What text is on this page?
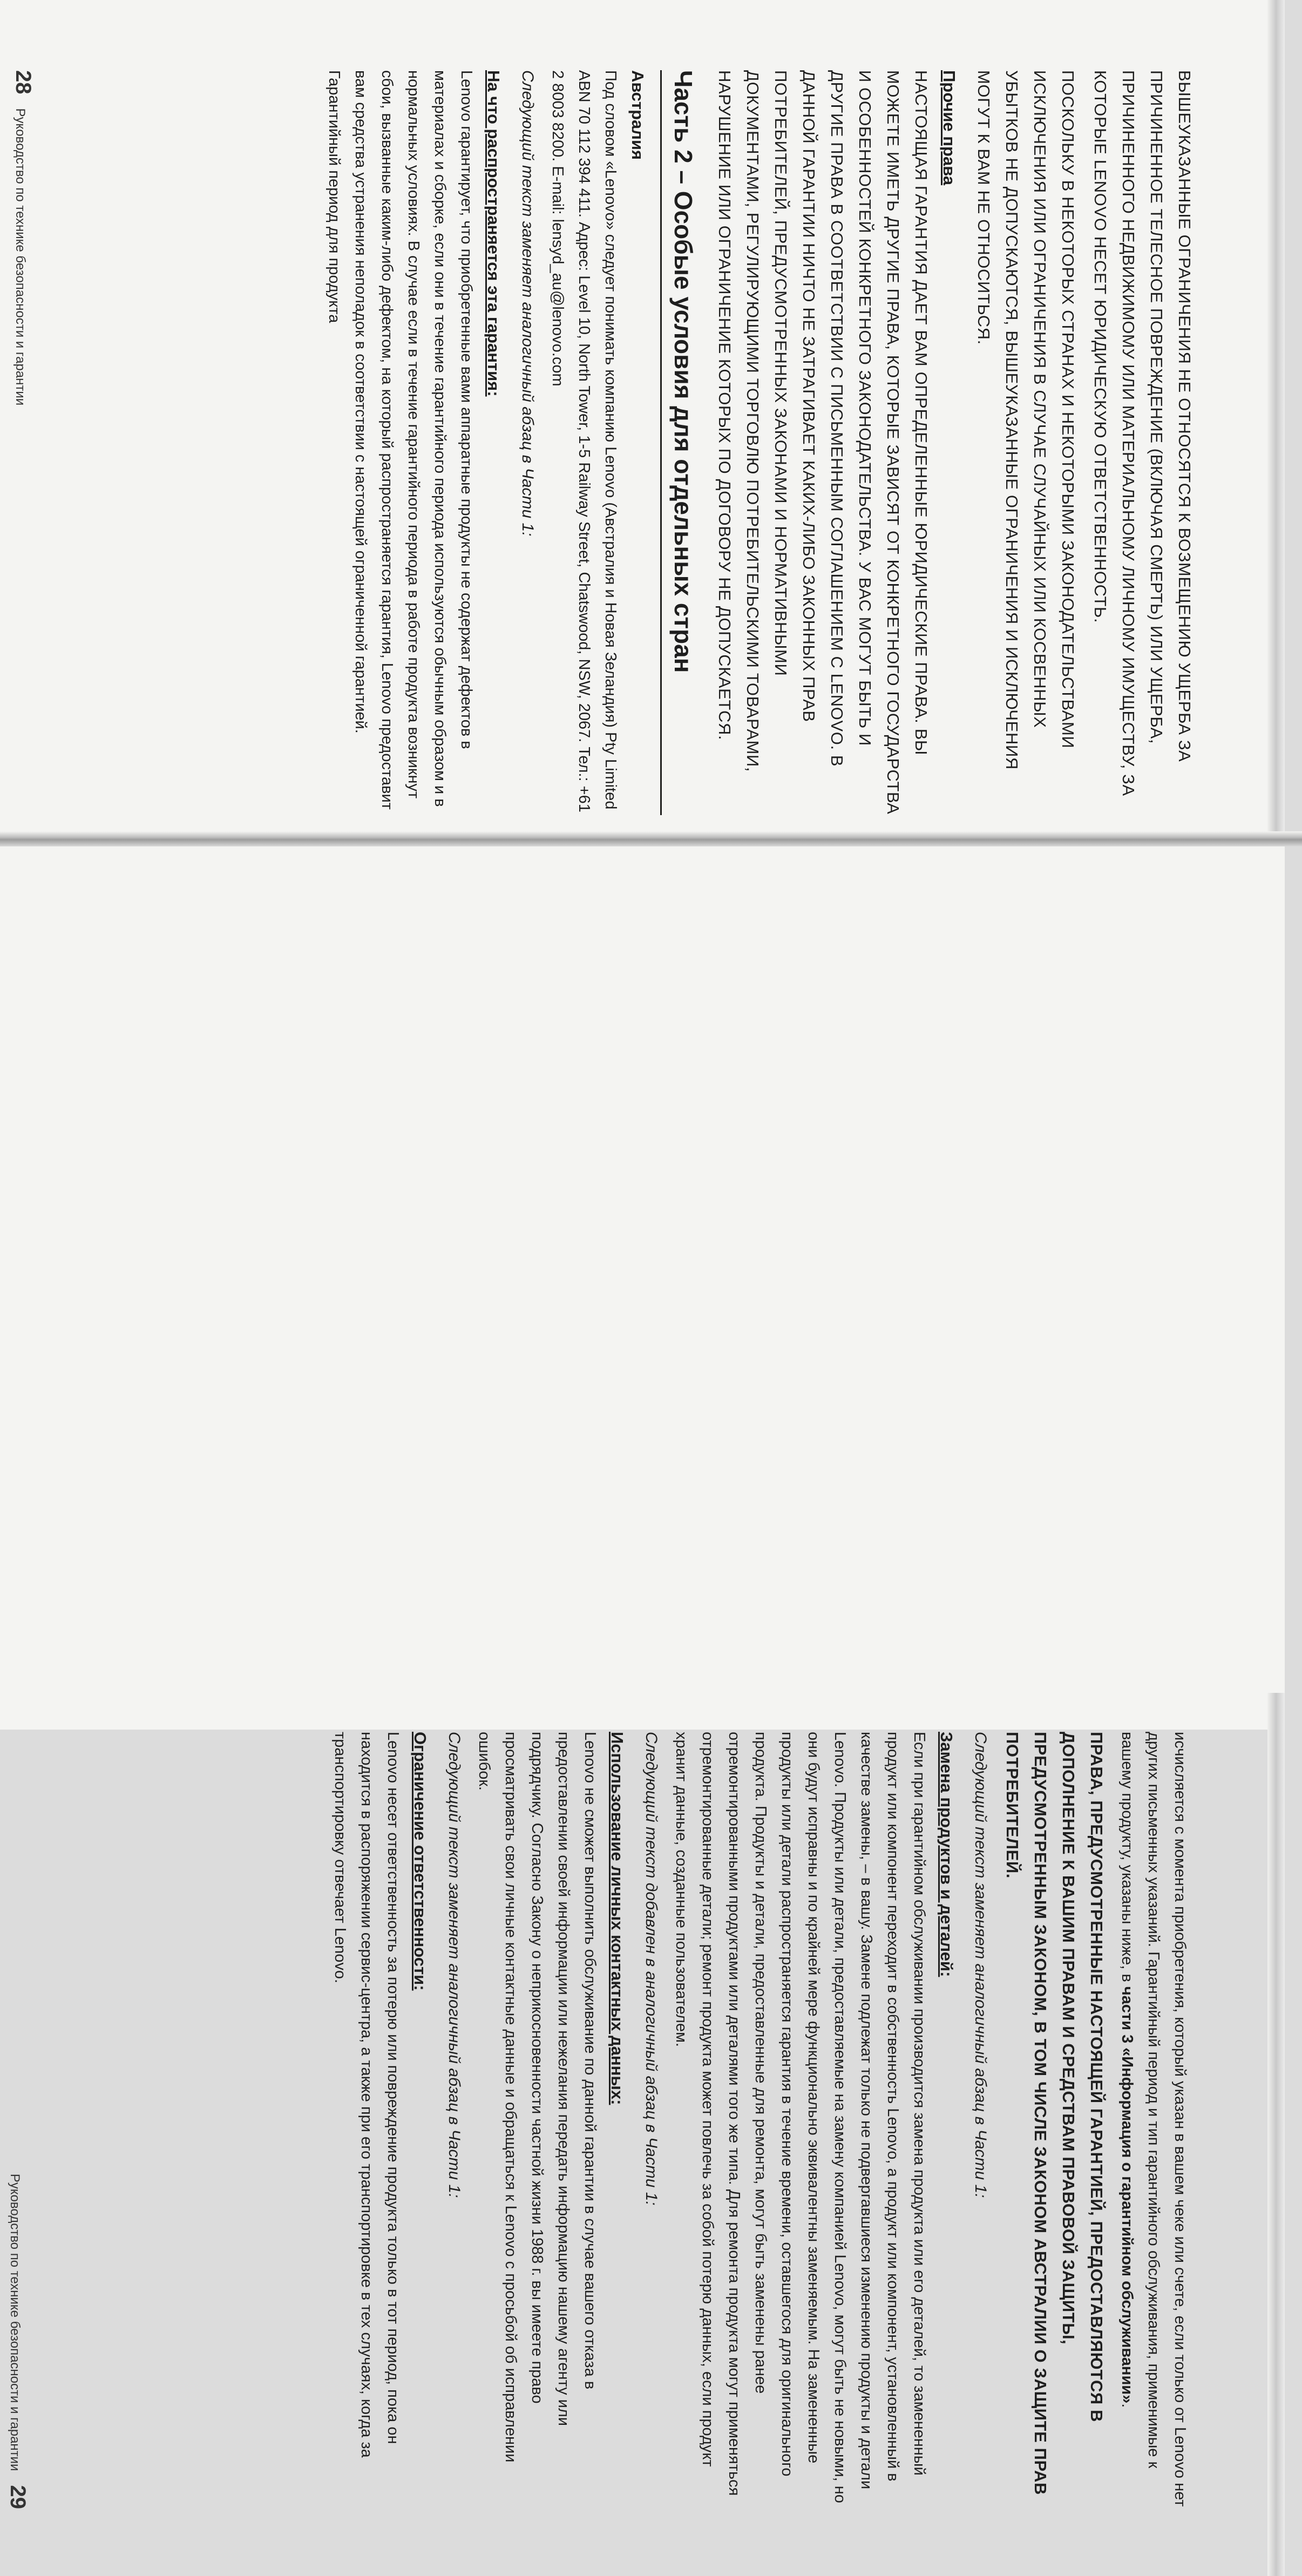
ВЫШЕУКАЗАННЫЕ ОГРАНИЧЕНИЯ НЕ ОТНОСЯТСЯ К ВОЗМЕЩЕНИЮ УЩЕРБА ЗА ПРИЧИНЕННОЕ ТЕЛЕСНОЕ ПОВРЕЖДЕНИЕ (ВКЛЮЧАЯ СМЕРТЬ) ИЛИ УЩЕРБА, ПРИЧИНЕННОГО НЕДВИЖИМОМУ ИЛИ МАТЕРИАЛЬНОМУ ЛИЧНОМУ ИМУЩЕСТВУ, ЗА КОТОРЫЕ LENOVO НЕСЕТ ЮРИДИЧЕСКУЮ ОТВЕТСТВЕННОСТЬ.

ПОСКОЛЬКУ В НЕКОТОРЫХ СТРАНАХ И НЕКОТОРЫМИ ЗАКОНОДАТЕЛЬСТВАМИ ИСКЛЮЧЕНИЯ ИЛИ ОГРАНИЧЕНИЯ В СЛУЧАЕ СЛУЧАЙНЫХ ИЛИ КОСВЕННЫХ УБЫТКОВ НЕ ДОПУСКАЮТСЯ, ВЫШЕУКАЗАННЫЕ ОГРАНИЧЕНИЯ И ИСКЛЮЧЕНИЯ МОГУТ К ВАМ НЕ ОТНОСИТЬСЯ.

Прочие права

НАСТОЯЩАЯ ГАРАНТИЯ ДАЕТ ВАМ ОПРЕДЕЛЕННЫЕ ЮРИДИЧЕСКИЕ ПРАВА. ВЫ МОЖЕТЕ ИМЕТЬ ДРУГИЕ ПРАВА, КОТОРЫЕ ЗАВИСЯТ ОТ КОНКРЕТНОГО ГОСУДАРСТВА И ОСОБЕННОСТЕЙ КОНКРЕТНОГО ЗАКОНОДАТЕЛЬСТВА. У ВАС МОГУТ БЫТЬ И ДРУГИЕ ПРАВА В СООТВЕТСТВИИ С ПИСЬМЕННЫМ СОГЛАШЕНИЕМ С LENOVO. В ДАННОЙ ГАРАНТИИ НИЧТО НЕ ЗАТРАГИВАЕТ КАКИХ-ЛИБО ЗАКОННЫХ ПРАВ ПОТРЕБИТЕЛЕЙ, ПРЕДУСМОТРЕННЫХ ЗАКОНАМИ И НОРМАТИВНЫМИ ДОКУМЕНТАМИ, РЕГУЛИРУЮЩИМИ ТОРГОВЛЮ ПОТРЕБИТЕЛЬСКИМИ ТОВАРАМИ, НАРУШЕНИЕ ИЛИ ОГРАНИЧЕНИЕ КОТОРЫХ ПО ДОГОВОРУ НЕ ДОПУСКАЕТСЯ.

Часть 2 – Особые условия для отдельных стран

Австралия

Под словом «Lenovo» следует понимать компанию Lenovo (Австралия и Новая Зеландия) Pty Limited ABN 70 112 394 411. Адрес: Level 10, North Tower, 1-5 Railway Street, Chatswood, NSW, 2067. Тел.: +61 2 8003 8200. E-mail: lensyd_au@lenovo.com

Следующий текст заменяет аналогичный абзац в Части 1:

На что распространяется эта гарантия:

Lenovo гарантирует, что приобретенные вами аппаратные продукты не содержат дефектов в материалах и сборке, если они в течение гарантийного периода используются обычным образом и в нормальных условиях. В случае если в течение гарантийного периода в работе продукта возникнут сбои, вызванные каким-либо дефектом, на который распространяется гарантия, Lenovo предоставит вам средства устранения неполадок в соответствии с настоящей ограниченной гарантией. Гарантийный период для продукта

28
Руководство по технике безопасности и гарантии

исчисляется с момента приобретения, который указан в вашем чеке или счете, если только от Lenovo нет других письменных указаний. Гарантийный период и тип гарантийного обслуживания, применимые к вашему продукту, указаны ниже, в части 3 «Информация о гарантийном обслуживании».

ПРАВА, ПРЕДУСМОТРЕННЫЕ НАСТОЯЩЕЙ ГАРАНТИЕЙ, ПРЕДОСТАВЛЯЮТСЯ В ДОПОЛНЕНИЕ К ВАШИМ ПРАВАМ И СРЕДСТВАМ ПРАВОВОЙ ЗАЩИТЫ, ПРЕДУСМОТРЕННЫМ ЗАКОНОМ, В ТОМ ЧИСЛЕ ЗАКОНОМ АВСТРАЛИИ О ЗАЩИТЕ ПРАВ ПОТРЕБИТЕЛЕЙ.

Следующий текст заменяет аналогичный абзац в Части 1:

Замена продуктов и деталей:

Если при гарантийном обслуживании производится замена продукта или его деталей, то замененный продукт или компонент переходит в собственность Lenovo, а продукт или компонент, установленный в качестве замены, – в вашу. Замене подлежат только не подвергавшиеся изменению продукты и детали Lenovo. Продукты или детали, предоставляемые на замену компанией Lenovo, могут быть не новыми, но они будут исправны и по крайней мере функционально эквивалентны заменяемым. На замененные продукты или детали распространяется гарантия в течение времени, оставшегося для оригинального продукта. Продукты и детали, предоставленные для ремонта, могут быть заменены ранее отремонтированными продуктами или деталями того же типа. Для ремонта продукта могут применяться отремонтированные детали; ремонт продукта может повлечь за собой потерю данных, если продукт хранит данные, созданные пользователем.

Следующий текст добавлен в аналогичный абзац в Части 1:

Использование личных контактных данных:

Lenovo не сможет выполнить обслуживание по данной гарантии в случае вашего отказа в предоставлении своей информации или нежелания передать информацию нашему агенту или подрядчику. Согласно Закону о неприкосновенности частной жизни 1988 г. вы имеете право просматривать свои личные контактные данные и обращаться к Lenovo с просьбой об исправлении ошибок.

Следующий текст заменяет аналогичный абзац в Части 1:

Ограничение ответственности:

Lenovo несет ответственность за потерю или повреждение продукта только в тот период, пока он находится в распоряжении сервис-центра, а также при его транспортировке в тех случаях, когда за транспортировку отвечает Lenovo.

Руководство по технике безопасности и гарантии
29
